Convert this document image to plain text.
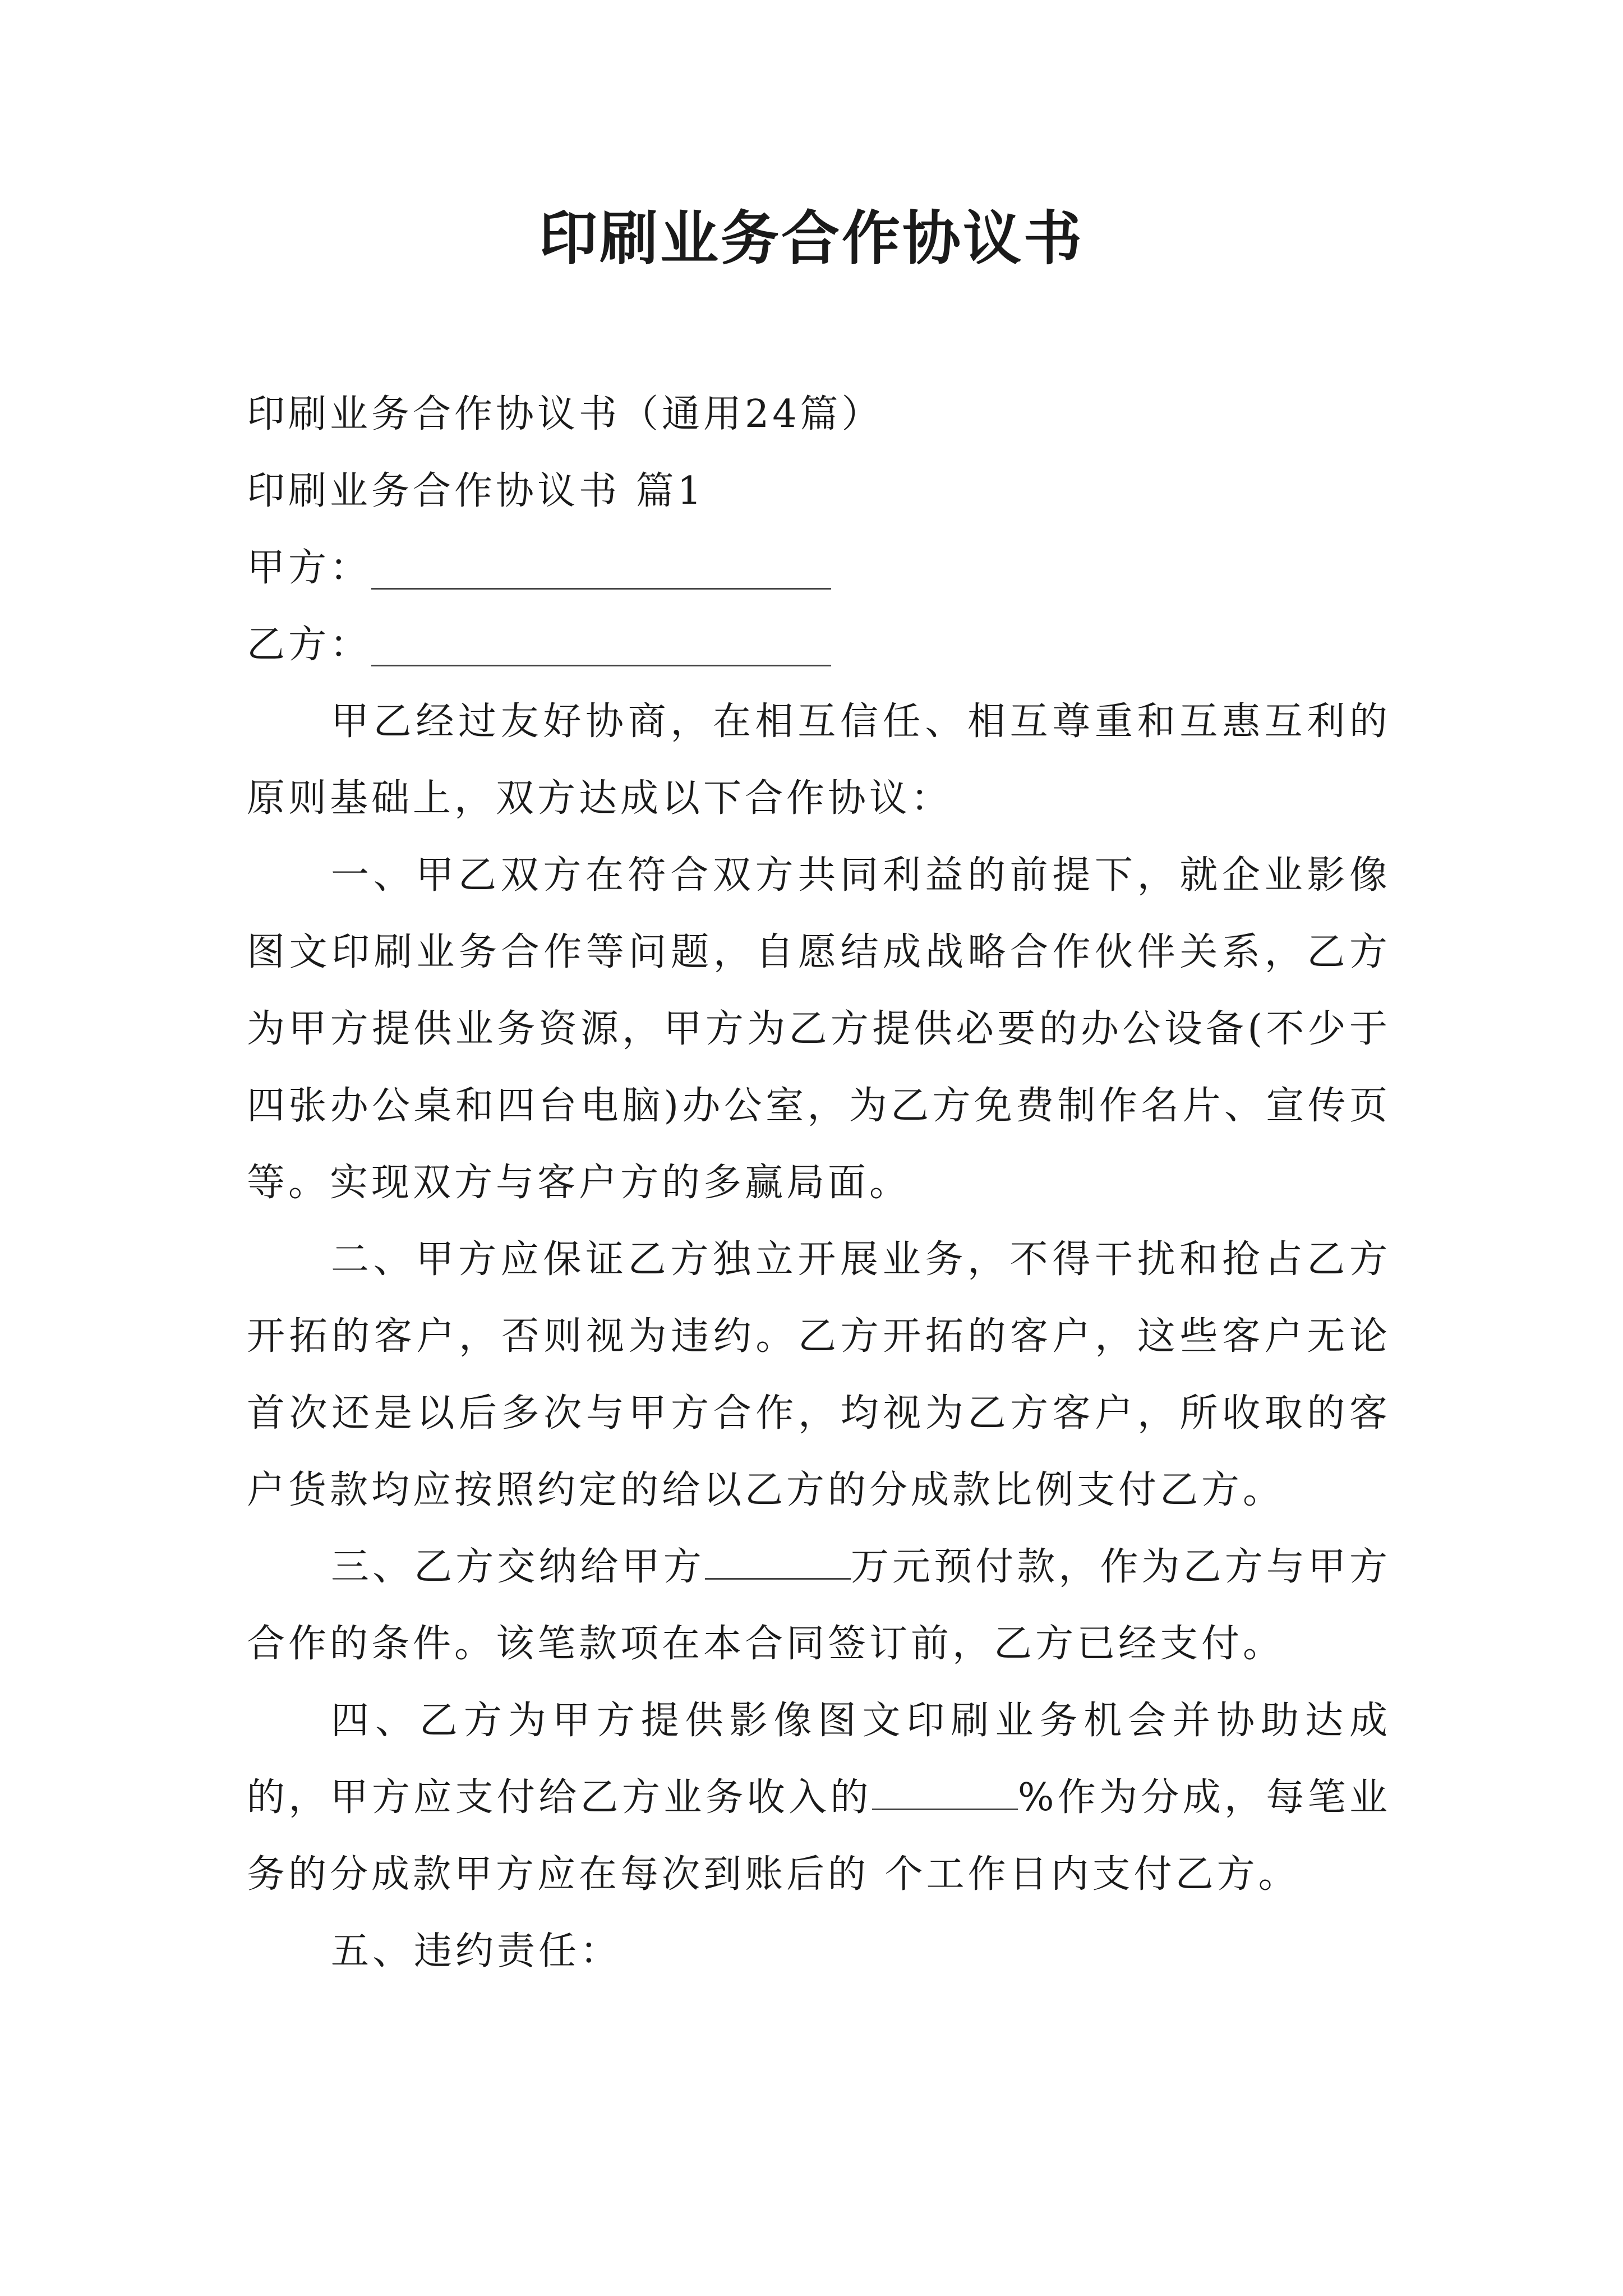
印刷业务合作协议书
印刷业务合作协议书（通用24篇）
印刷业务合作协议书 篇1
甲方：
乙方：
甲乙经过友好协商，在相互信任、相互尊重和互惠互利的原则基础上，双方达成以下合作协议：
一、甲乙双方在符合双方共同利益的前提下，就企业影像图文印刷业务合作等问题，自愿结成战略合作伙伴关系，乙方为甲方提供业务资源，甲方为乙方提供必要的办公设备(不少于四张办公桌和四台电脑)办公室，为乙方免费制作名片、宣传页等。实现双方与客户方的多赢局面。
二、甲方应保证乙方独立开展业务，不得干扰和抢占乙方开拓的客户，否则视为违约。乙方开拓的客户，这些客户无论首次还是以后多次与甲方合作，均视为乙方客户，所收取的客户货款均应按照约定的给以乙方的分成款比例支付乙方。
三、乙方交纳给甲方	万元预付款，作为乙方与甲方合作的条件。该笔款项在本合同签订前，乙方已经支付。
四、乙方为甲方提供影像图文印刷业务机会并协助达成的，甲方应支付给乙方业务收入的	%作为分成，每笔业务的分成款甲方应在每次到账后的 个工作日内支付乙方。
五、违约责任：
